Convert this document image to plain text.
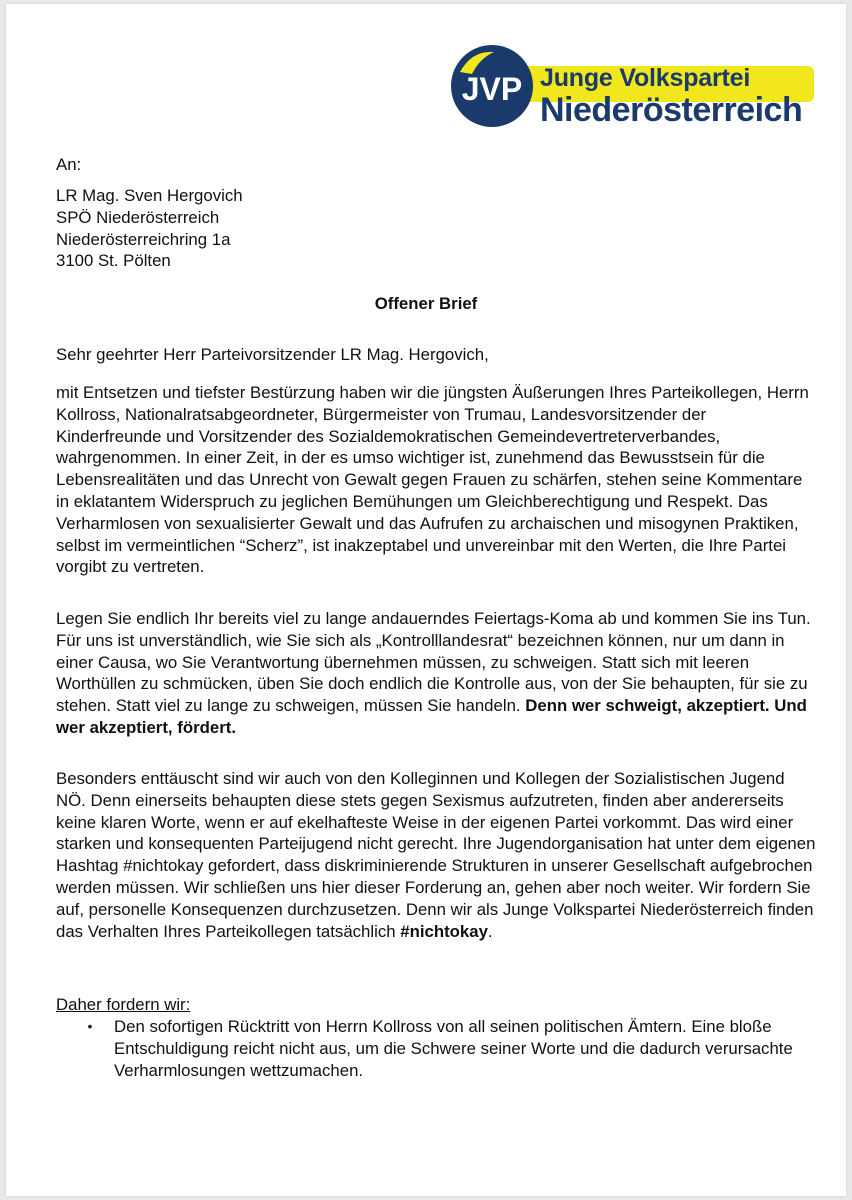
JVP Junge Volkspartei
Niederösterreich
An:

LR Mag. Sven Hergovich

SPÖ Niederösterreich

Niederösterreichring 1a

3100 St. Pölten

Offener Brief
Sehr geehrter Herr Parteivorsitzender LR Mag. Hergovich,
mit Entsetzen und tiefster Bestürzung haben wir die jüngsten Äußerungen Ihres Parteikollegen, Herrn Kollross, Nationalratsabgeordneter, Bürgermeister von Trumau, Landesvorsitzender der Kinderfreunde und Vorsitzender des Sozialdemokratischen Gemeindevertreterverbandes, wahrgenommen. In einer Zeit, in der es umso wichtiger ist, zunehmend das Bewusstsein für die Lebensrealitäten und das Unrecht von Gewalt gegen Frauen zu schärfen, stehen seine Kommentare in eklatantem Widerspruch zu jeglichen Bemühungen um Gleichberechtigung und Respekt. Das Verharmlosen von sexualisierter Gewalt und das Aufrufen zu archaischen und misogynen Praktiken, selbst im vermeintlichen “Scherz”, ist inakzeptabel und unvereinbar mit den Werten, die Ihre Partei vorgibt zu vertreten.
Legen Sie endlich Ihr bereits viel zu lange andauerndes Feiertags-Koma ab und kommen Sie ins Tun. Für uns ist unverständlich, wie Sie sich als „Kontrolllandesrat“ bezeichnen können, nur um dann in einer Causa, wo Sie Verantwortung übernehmen müssen, zu schweigen. Statt sich mit leeren Worthüllen zu schmücken, üben Sie doch endlich die Kontrolle aus, von der Sie behaupten, für sie zu stehen. Statt viel zu lange zu schweigen, müssen Sie handeln. Denn wer schweigt, akzeptiert. Und wer akzeptiert, fördert.
Besonders enttäuscht sind wir auch von den Kolleginnen und Kollegen der Sozialistischen Jugend NÖ. Denn einerseits behaupten diese stets gegen Sexismus aufzutreten, finden aber andererseits keine klaren Worte, wenn er auf ekelhafteste Weise in der eigenen Partei vorkommt. Das wird einer starken und konsequenten Parteijugend nicht gerecht. Ihre Jugendorganisation hat unter dem eigenen Hashtag #nichtokay gefordert, dass diskriminierende Strukturen in unserer Gesellschaft aufgebrochen werden müssen. Wir schließen uns hier dieser Forderung an, gehen aber noch weiter. Wir fordern Sie auf, personelle Konsequenzen durchzusetzen. Denn wir als Junge Volkspartei Niederösterreich finden das Verhalten Ihres Parteikollegen tatsächlich #nichtokay.
Daher fordern wir:
•	Den sofortigen Rücktritt von Herrn Kollross von all seinen politischen Ämtern. Eine bloße Entschuldigung reicht nicht aus, um die Schwere seiner Worte und die dadurch verursachte Verharmlosungen wettzumachen.
